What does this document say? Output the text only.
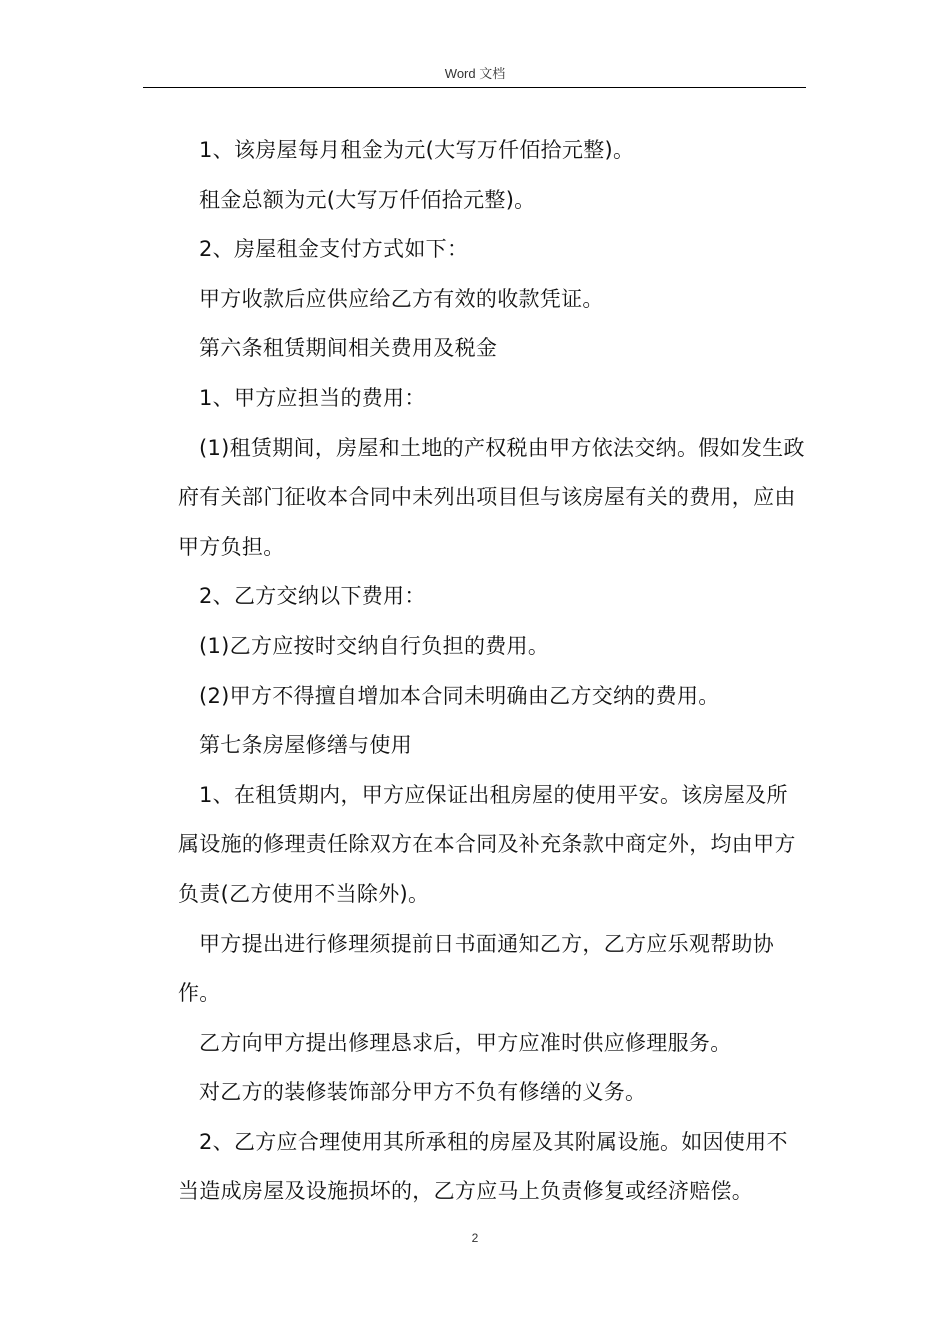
Word 文档

1、该房屋每月租金为元(大写万仟佰拾元整)。

租金总额为元(大写万仟佰拾元整)。

2、房屋租金支付方式如下：

甲方收款后应供应给乙方有效的收款凭证。

第六条租赁期间相关费用及税金

1、甲方应担当的费用：

(1)租赁期间，房屋和土地的产权税由甲方依法交纳。假如发生政府有关部门征收本合同中未列出项目但与该房屋有关的费用，应由甲方负担。

2、乙方交纳以下费用：

(1)乙方应按时交纳自行负担的费用。

(2)甲方不得擅自增加本合同未明确由乙方交纳的费用。

第七条房屋修缮与使用

1、在租赁期内，甲方应保证出租房屋的使用平安。该房屋及所属设施的修理责任除双方在本合同及补充条款中商定外，均由甲方负责(乙方使用不当除外)。

甲方提出进行修理须提前日书面通知乙方，乙方应乐观帮助协作。

乙方向甲方提出修理恳求后，甲方应准时供应修理服务。

对乙方的装修装饰部分甲方不负有修缮的义务。

2、乙方应合理使用其所承租的房屋及其附属设施。如因使用不当造成房屋及设施损坏的，乙方应马上负责修复或经济赔偿。

2
